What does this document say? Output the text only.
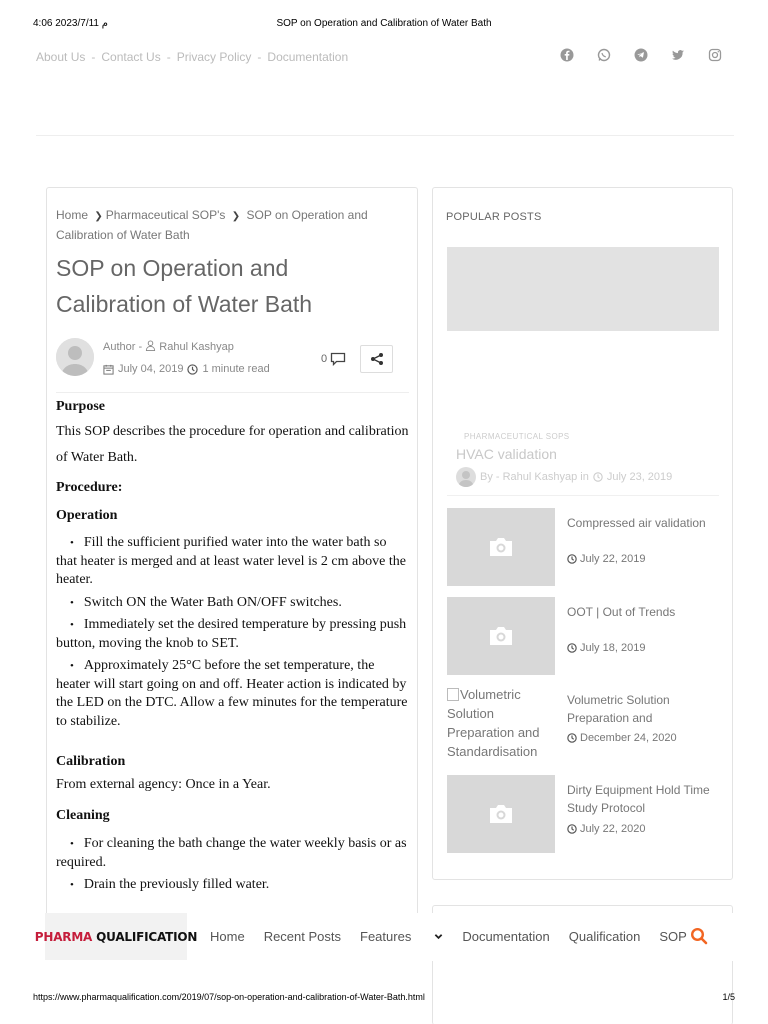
4:06 2023/7/11 م	SOP on Operation and Calibration of Water Bath
About Us - Contact Us - Privacy Policy - Documentation
Home ❯ Pharmaceutical SOP's ❯ SOP on Operation and Calibration of Water Bath
SOP on Operation and Calibration of Water Bath
Author - Rahul Kashyap
July 04, 2019 1 minute read
0
Purpose

This SOP describes the procedure for operation and calibration of Water Bath.

Procedure:
Operation
• Fill the sufficient purified water into the water bath so that heater is merged and at least water level is 2 cm above the heater.
• Switch ON the Water Bath ON/OFF switches.
• Immediately set the desired temperature by pressing push button, moving the knob to SET.
• Approximately 25°C before the set temperature, the heater will start going on and off. Heater action is indicated by the LED on the DTC. Allow a few minutes for the temperature to stabilize.
Calibration

From external agency: Once in a Year.

Cleaning
• For cleaning the bath change the water weekly basis or as required.
• Drain the previously filled water.
POPULAR POSTS
PHARMACEUTICAL SOPS
HVAC validation
By - Rahul Kashyap in July 23, 2019
Compressed air validation
July 22, 2019
OOT | Out of Trends
July 18, 2019
Volumetric Solution Preparation and Standardisation
Volumetric Solution Preparation and
December 24, 2020
Dirty Equipment Hold Time Study Protocol
July 22, 2020
PHARMA QUALIFICATION Home Recent Posts Features	Documentation Qualification SOP
https://www.pharmaqualification.com/2019/07/sop-on-operation-and-calibration-of-Water-Bath.html	1/5
